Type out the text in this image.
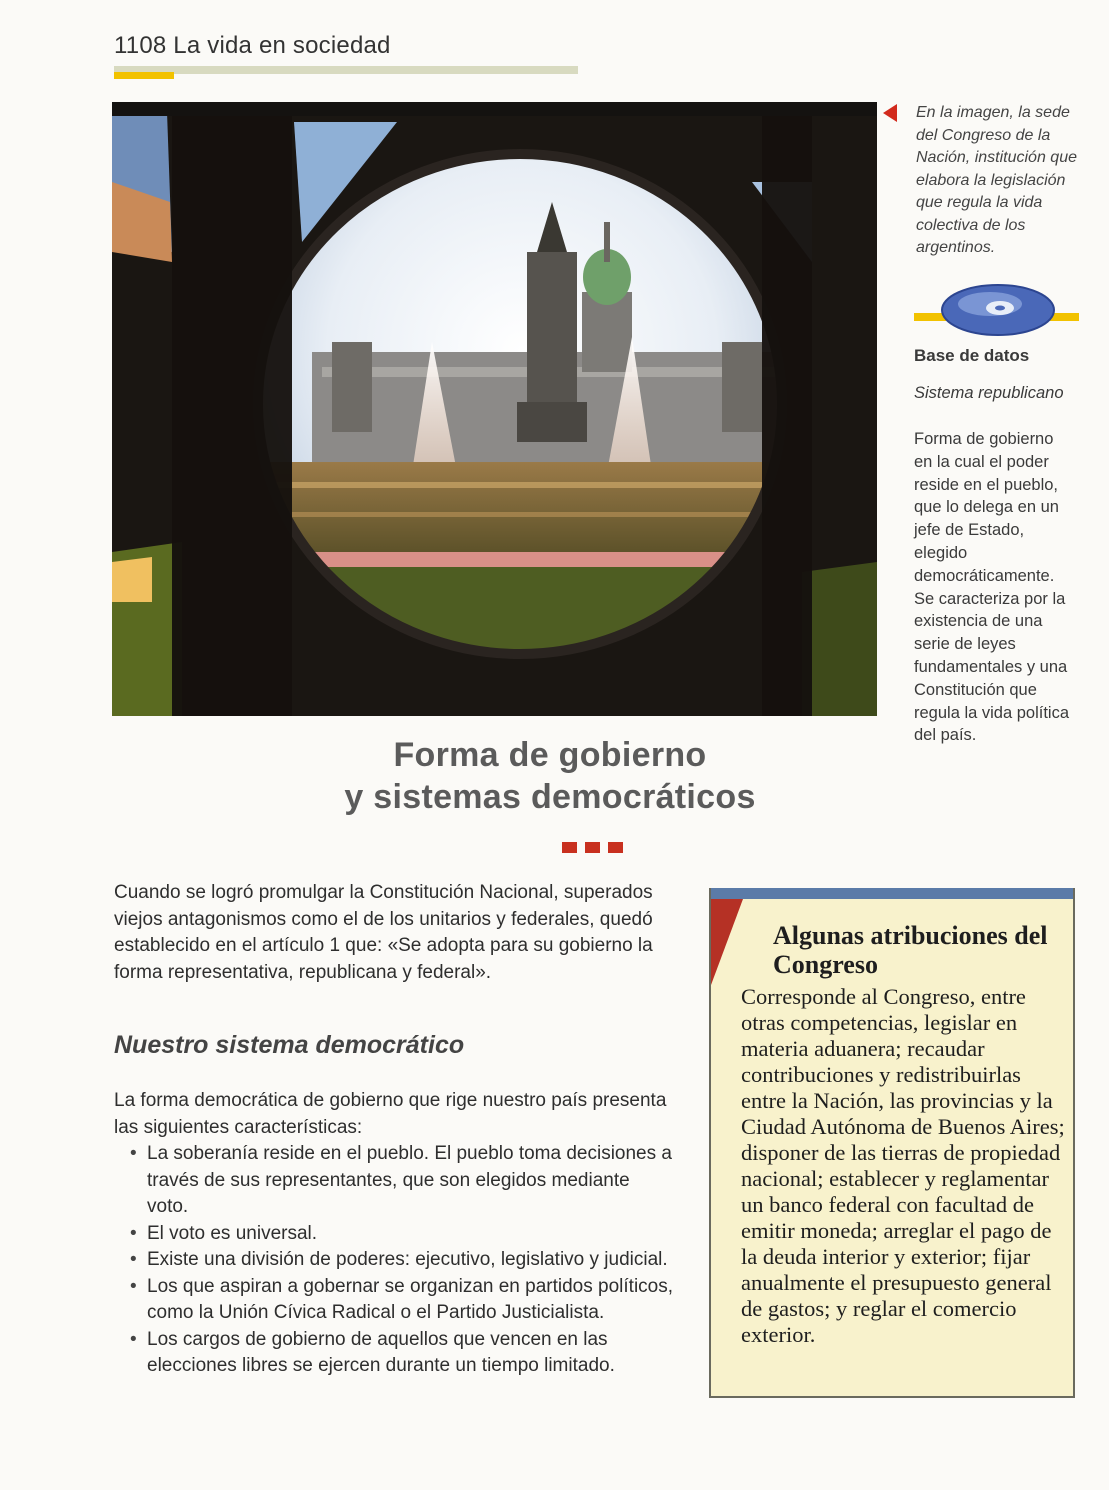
1108 La vida en sociedad
En la imagen, la sede del Congreso de la Nación, institución que elabora la legislación que regula la vida colectiva de los argentinos.
Base de datos
Sistema republicano
Forma de gobierno en la cual el poder reside en el pueblo, que lo delega en un jefe de Estado, elegido democráticamente. Se caracteriza por la existencia de una serie de leyes fundamentales y una Constitución que regula la vida política del país.
Forma de gobierno
y sistemas democráticos
Cuando se logró promulgar la Constitución Nacional, superados viejos antagonismos como el de los unitarios y federales, quedó establecido en el artículo 1 que: «Se adopta para su gobierno la forma representativa, republicana y federal».
Nuestro sistema democrático
La forma democrática de gobierno que rige nuestro país presenta las siguientes características:
• La soberanía reside en el pueblo. El pueblo toma decisiones a través de sus representantes, que son elegidos mediante voto.
• El voto es universal.
• Existe una división de poderes: ejecutivo, legislativo y judicial.
• Los que aspiran a gobernar se organizan en partidos políticos, como la Unión Cívica Radical o el Partido Justicialista.
• Los cargos de gobierno de aquellos que vencen en las elecciones libres se ejercen durante un tiempo limitado.
Algunas atribuciones del Congreso
Corresponde al Congreso, entre otras competencias, legislar en materia aduanera; recaudar contribuciones y redistribuirlas entre la Nación, las provincias y la Ciudad Autónoma de Buenos Aires; disponer de las tierras de propiedad nacional; establecer y reglamentar un banco federal con facultad de emitir moneda; arreglar el pago de la deuda interior y exterior; fijar anualmente el presupuesto general de gastos; y reglar el comercio exterior.
